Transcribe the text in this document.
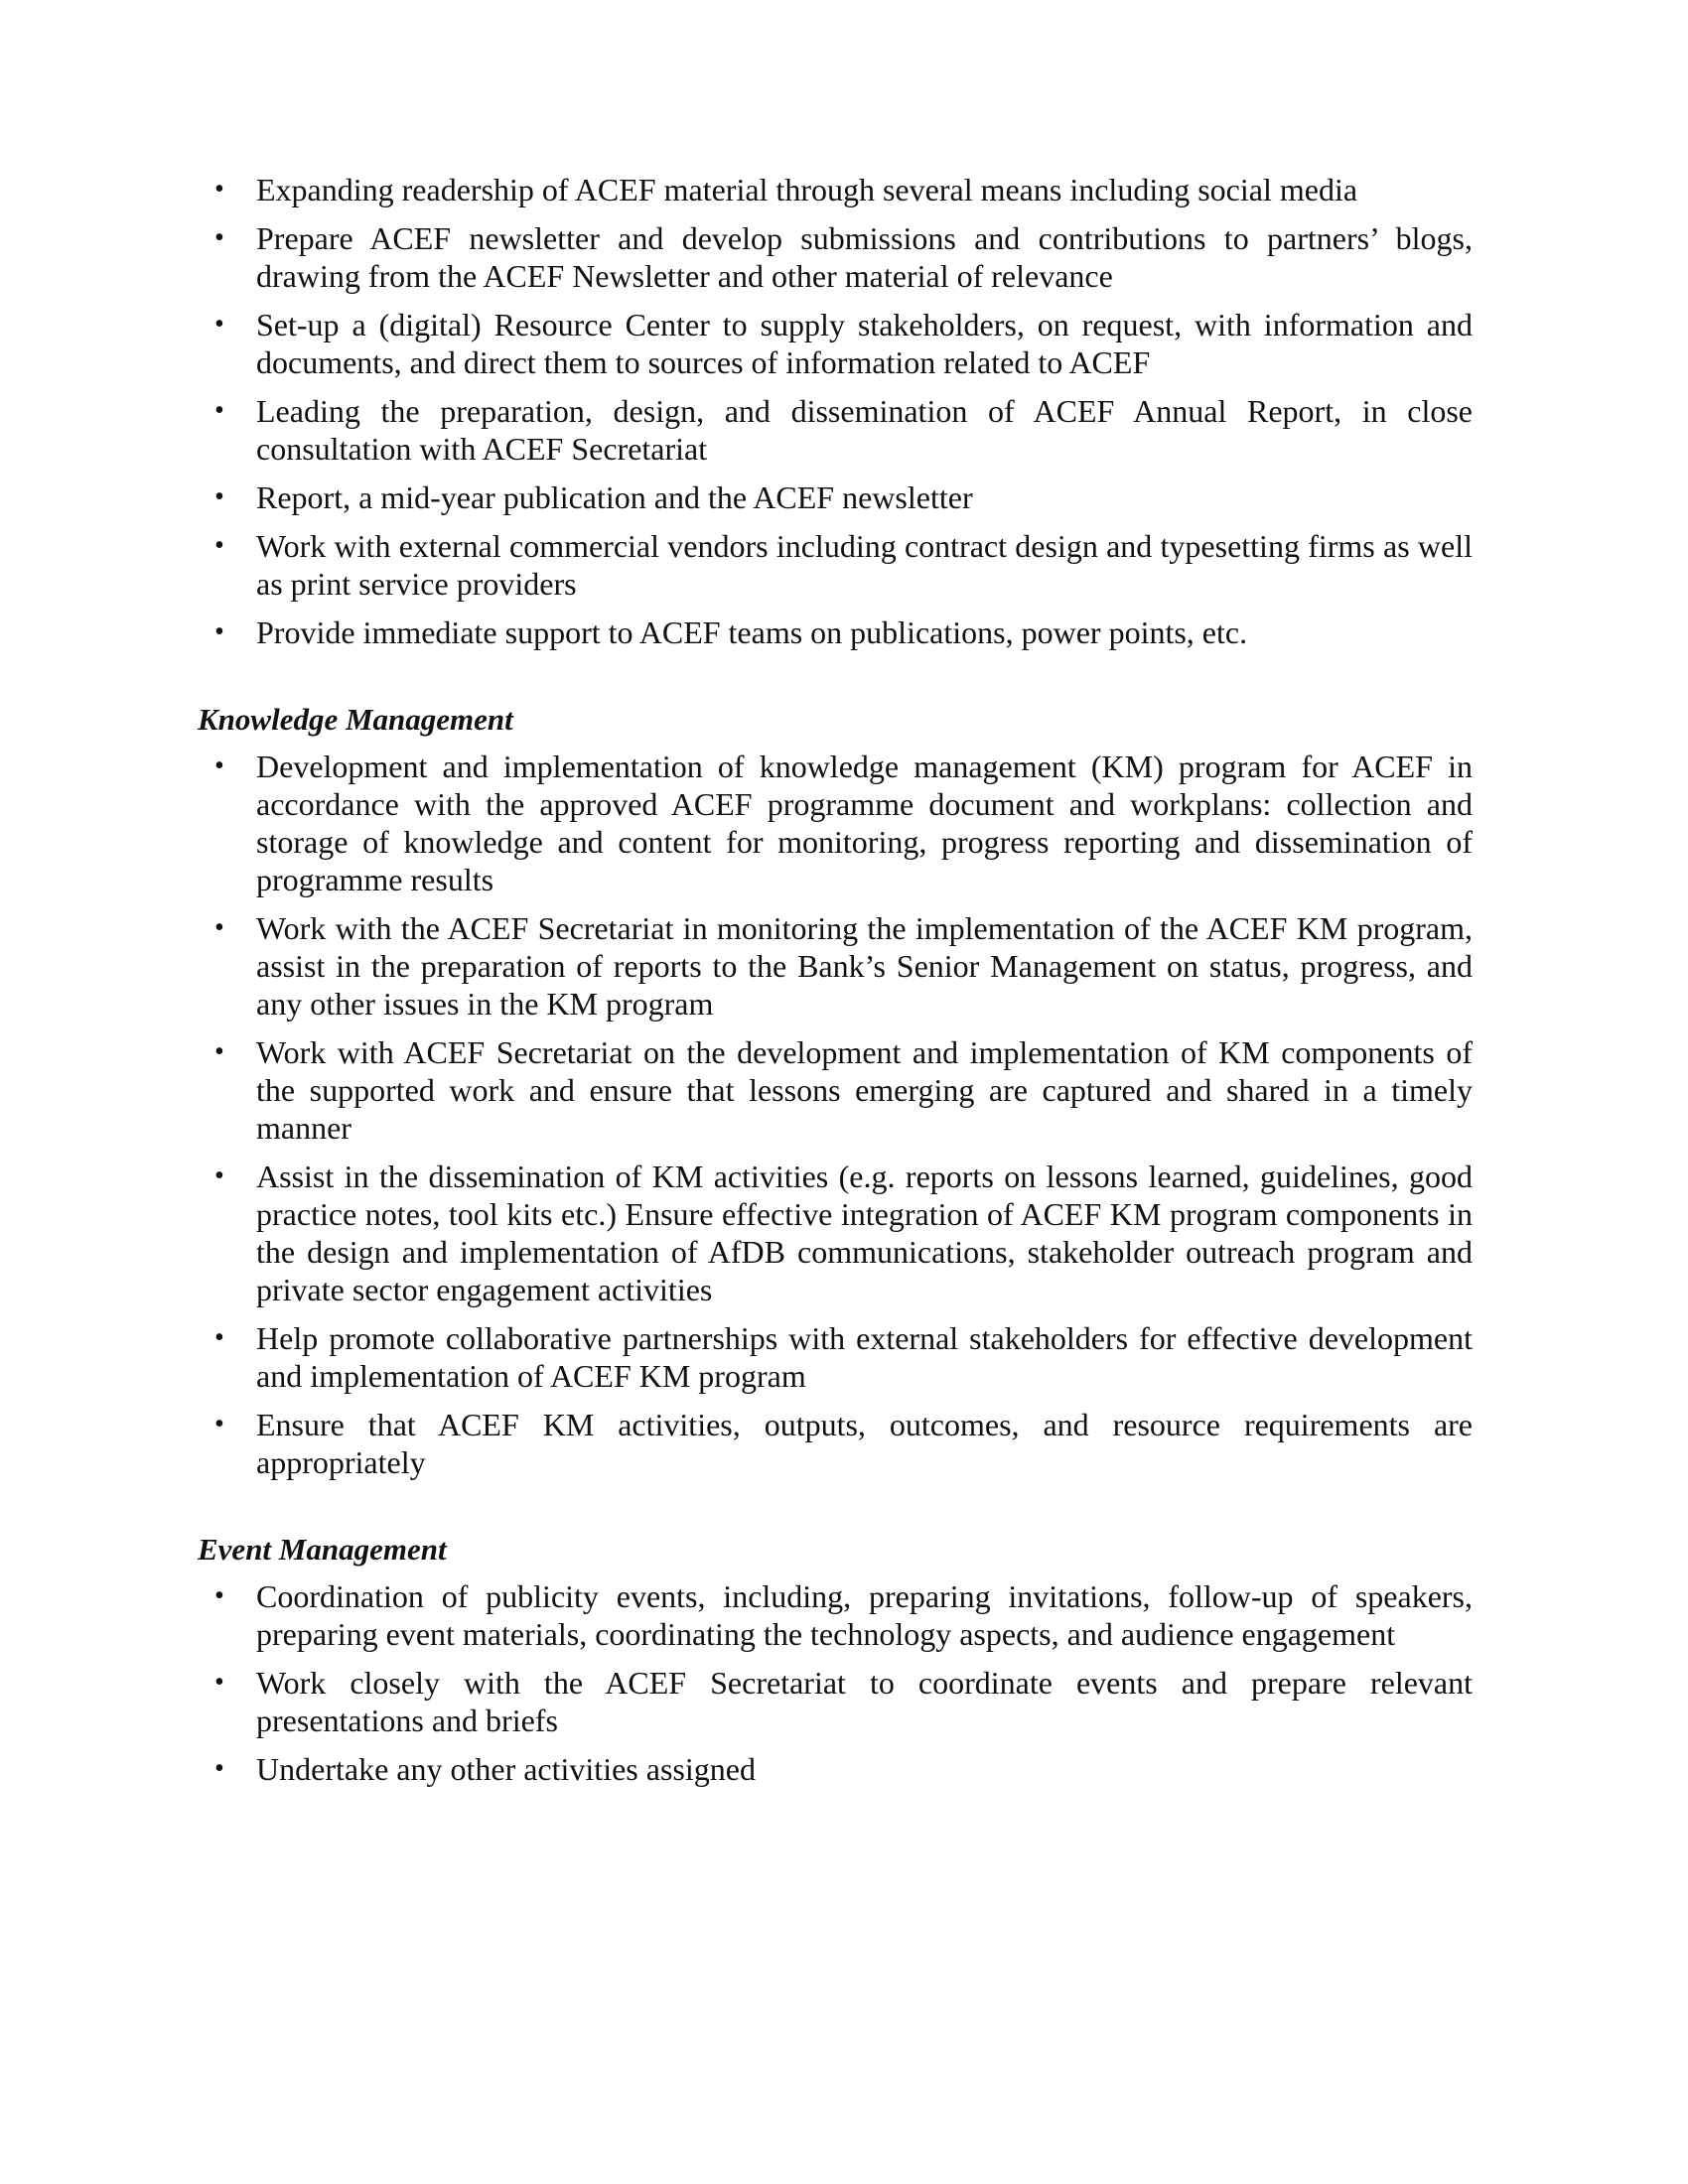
• Expanding readership of ACEF material through several means including social media
• Prepare ACEF newsletter and develop submissions and contributions to partners’ blogs, drawing from the ACEF Newsletter and other material of relevance
• Set-up a (digital) Resource Center to supply stakeholders, on request, with information and documents, and direct them to sources of information related to ACEF
• Leading the preparation, design, and dissemination of ACEF Annual Report, in close consultation with ACEF Secretariat
• Report, a mid-year publication and the ACEF newsletter
• Work with external commercial vendors including contract design and typesetting firms as well as print service providers
• Provide immediate support to ACEF teams on publications, power points, etc.
Knowledge Management
• Development and implementation of knowledge management (KM) program for ACEF in accordance with the approved ACEF programme document and workplans: collection and storage of knowledge and content for monitoring, progress reporting and dissemination of programme results
• Work with the ACEF Secretariat in monitoring the implementation of the ACEF KM program, assist in the preparation of reports to the Bank’s Senior Management on status, progress, and any other issues in the KM program
• Work with ACEF Secretariat on the development and implementation of KM components of the supported work and ensure that lessons emerging are captured and shared in a timely manner
• Assist in the dissemination of KM activities (e.g. reports on lessons learned, guidelines, good practice notes, tool kits etc.) Ensure effective integration of ACEF KM program components in the design and implementation of AfDB communications, stakeholder outreach program and private sector engagement activities
• Help promote collaborative partnerships with external stakeholders for effective development and implementation of ACEF KM program
• Ensure that ACEF KM activities, outputs, outcomes, and resource requirements are appropriately
Event Management
• Coordination of publicity events, including, preparing invitations, follow-up of speakers, preparing event materials, coordinating the technology aspects, and audience engagement
• Work closely with the ACEF Secretariat to coordinate events and prepare relevant presentations and briefs
• Undertake any other activities assigned
